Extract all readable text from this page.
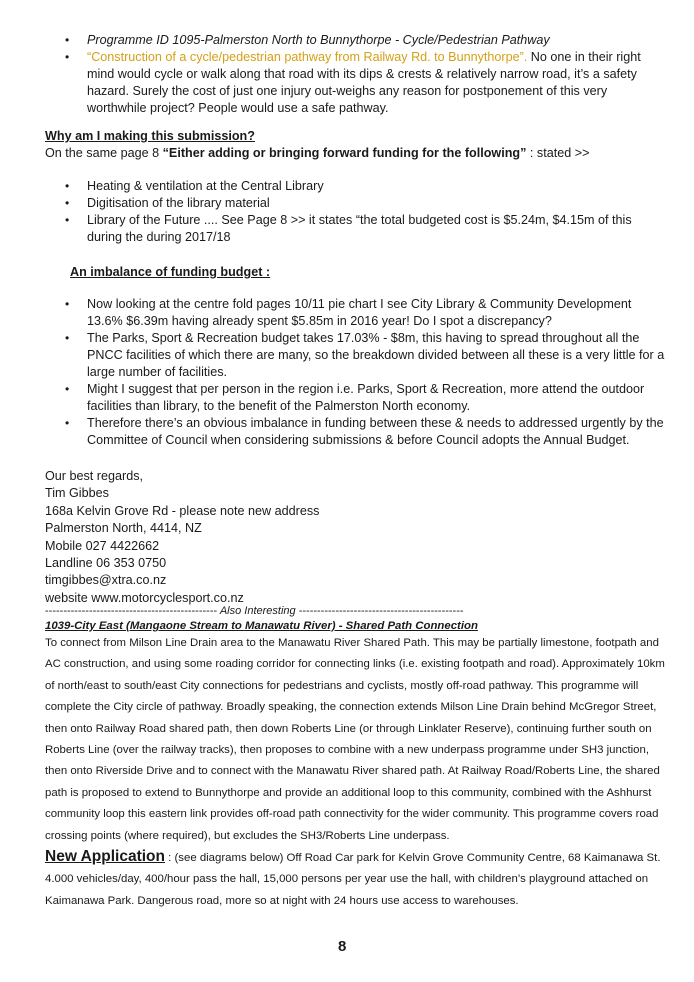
• Programme ID 1095-Palmerston North to Bunnythorpe - Cycle/Pedestrian Pathway
• “Construction of a cycle/pedestrian pathway from Railway Rd. to Bunnythorpe”. No one in their right mind would cycle or walk along that road with its dips & crests & relatively narrow road, it’s a safety hazard. Surely the cost of just one injury out-weighs any reason for postponement of this very worthwhile project? People would use a safe pathway.
Why am I making this submission?
On the same page 8 “Either adding or bringing forward funding for the following” : stated >>
• Heating & ventilation at the Central Library
• Digitisation of the library material
• Library of the Future .... See Page 8 >> it states “the total budgeted cost is $5.24m, $4.15m of this during the during 2017/18
An imbalance of funding budget :
• Now looking at the centre fold pages 10/11 pie chart I see City Library & Community Development 13.6% $6.39m having already spent $5.85m in 2016 year! Do I spot a discrepancy?
• The Parks, Sport & Recreation budget takes 17.03% - $8m, this having to spread throughout all the PNCC facilities of which there are many, so the breakdown divided between all these is a very little for a large number of facilities.
• Might I suggest that per person in the region i.e. Parks, Sport & Recreation, more attend the outdoor facilities than library, to the benefit of the Palmerston North economy.
• Therefore there’s an obvious imbalance in funding between these & needs to addressed urgently by the Committee of Council when considering submissions & before Council adopts the Annual Budget.
Our best regards,
Tim Gibbes
168a Kelvin Grove Rd - please note new address
Palmerston North, 4414, NZ
Mobile 027 4422662
Landline 06 353 0750
timgibbes@xtra.co.nz
website www.motorcyclesport.co.nz
----------------------------------------------- Also Interesting ---------------------------------------------
1039-City East (Mangaone Stream to Manawatu River) - Shared Path Connection
To connect from Milson Line Drain area to the Manawatu River Shared Path. This may be partially limestone, footpath and AC construction, and using some roading corridor for connecting links (i.e. existing footpath and road). Approximately 10km of north/east to south/east City connections for pedestrians and cyclists, mostly off-road pathway. This programme will complete the City circle of pathway. Broadly speaking, the connection extends Milson Line Drain behind McGregor Street, then onto Railway Road shared path, then down Roberts Line (or through Linklater Reserve), continuing further south on Roberts Line (over the railway tracks), then proposes to combine with a new underpass programme under SH3 junction, then onto Riverside Drive and to connect with the Manawatu River shared path. At Railway Road/Roberts Line, the shared path is proposed to extend to Bunnythorpe and provide an additional loop to this community, combined with the Ashhurst community loop this eastern link provides off-road path connectivity for the wider community. This programme covers road crossing points (where required), but excludes the SH3/Roberts Line underpass.
New Application : (see diagrams below) Off Road Car park for Kelvin Grove Community Centre, 68 Kaimanawa St. 4.000 vehicles/day, 400/hour pass the hall, 15,000 persons per year use the hall, with children’s playground attached on Kaimanawa Park. Dangerous road, more so at night with 24 hours use access to warehouses.
8
